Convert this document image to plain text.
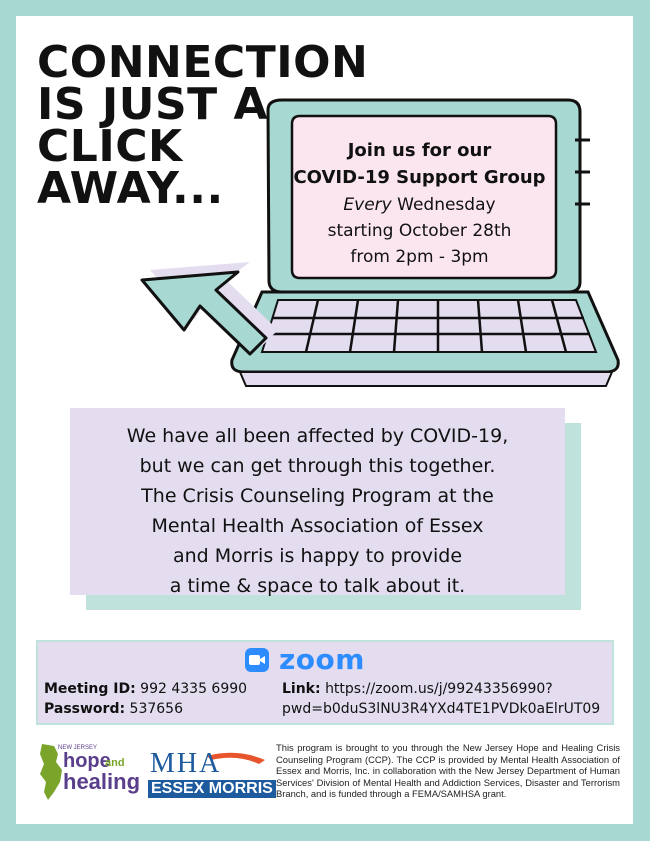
CONNECTION
IS JUST A
CLICK
AWAY...
Join us for our
COVID-19 Support Group
Every Wednesday
starting October 28th
from 2pm - 3pm
We have all been affected by COVID-19,
but we can get through this together.
The Crisis Counseling Program at the
Mental Health Association of Essex
and Morris is happy to provide
a time & space to talk about it.
zoom
Meeting ID: 992 4335 6990
Password: 537656
Link: https://zoom.us/j/99243356990?
pwd=b0duS3lNU3R4YXd4TE1PVDk0aElrUT09
NEW JERSEY
hope
and
healing
MHA
ESSEX MORRIS
This program is brought to you through the New Jersey Hope and Healing Crisis Counseling Program (CCP). The CCP is provided by Mental Health Association of Essex and Morris, Inc. in collaboration with the New Jersey Department of Human Services' Division of Mental Health and Addiction Services, Disaster and Terrorism Branch, and is funded through a FEMA/SAMHSA grant.
